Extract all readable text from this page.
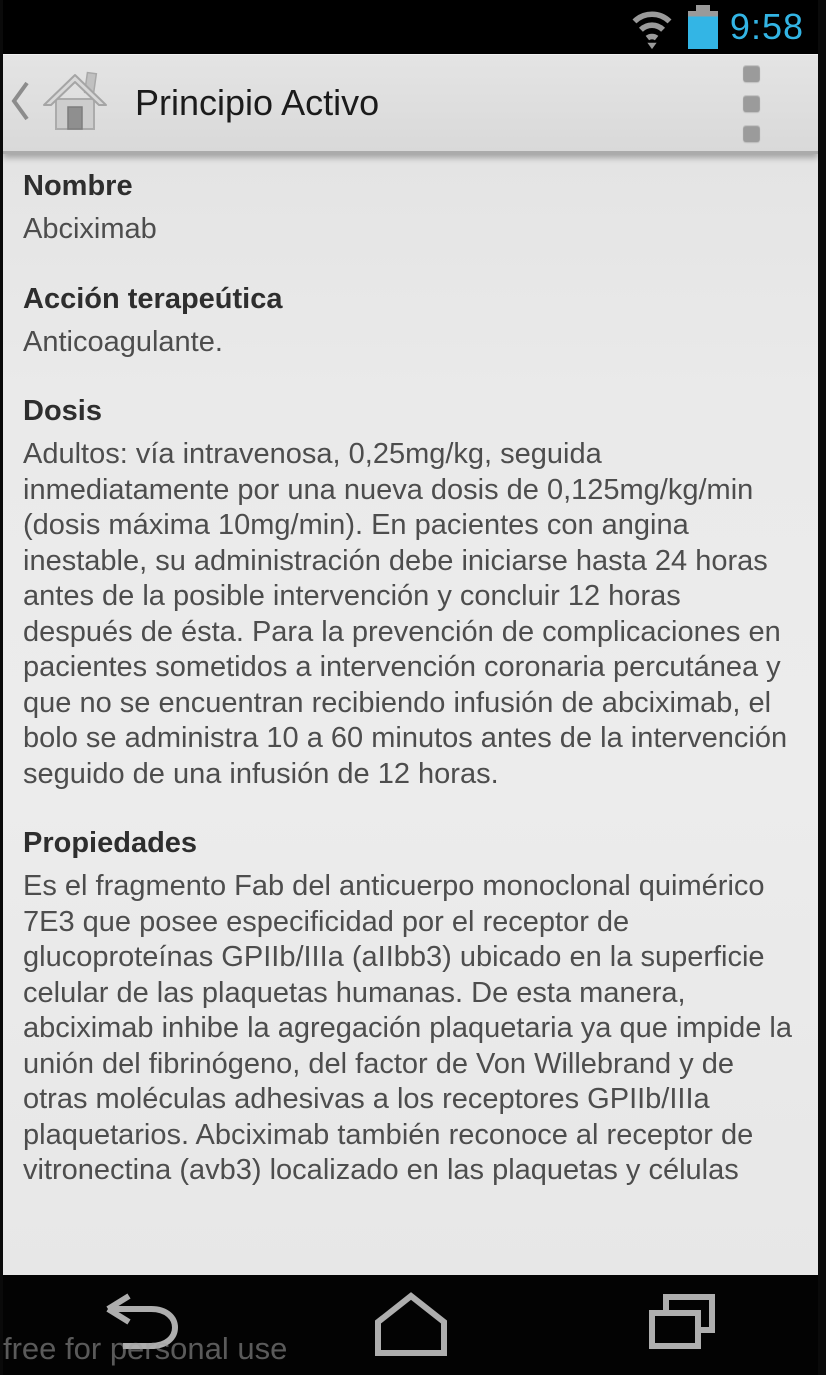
9:58
Principio Activo
Nombre
Abciximab
Acción terapeútica
Anticoagulante.
Dosis
Adultos: vía intravenosa, 0,25mg/kg, seguida inmediatamente por una nueva dosis de 0,125mg/kg/min (dosis máxima 10mg/min). En pacientes con angina inestable, su administración debe iniciarse hasta 24 horas antes de la posible intervención y concluir 12 horas después de ésta. Para la prevención de complicaciones en pacientes sometidos a intervención coronaria percutánea y que no se encuentran recibiendo infusión de abciximab, el bolo se administra 10 a 60 minutos antes de la intervención seguido de una infusión de 12 horas.
Propiedades
Es el fragmento Fab del anticuerpo monoclonal quimérico 7E3 que posee especificidad por el receptor de glucoproteínas GPIIb/IIIa (aIIbb3) ubicado en la superficie celular de las plaquetas humanas. De esta manera, abciximab inhibe la agregación plaquetaria ya que impide la unión del fibrinógeno, del factor de Von Willebrand y de otras moléculas adhesivas a los receptores GPIIb/IIIa plaquetarios. Abciximab también reconoce al receptor de vitronectina (avb3) localizado en las plaquetas y células
free for personal use
